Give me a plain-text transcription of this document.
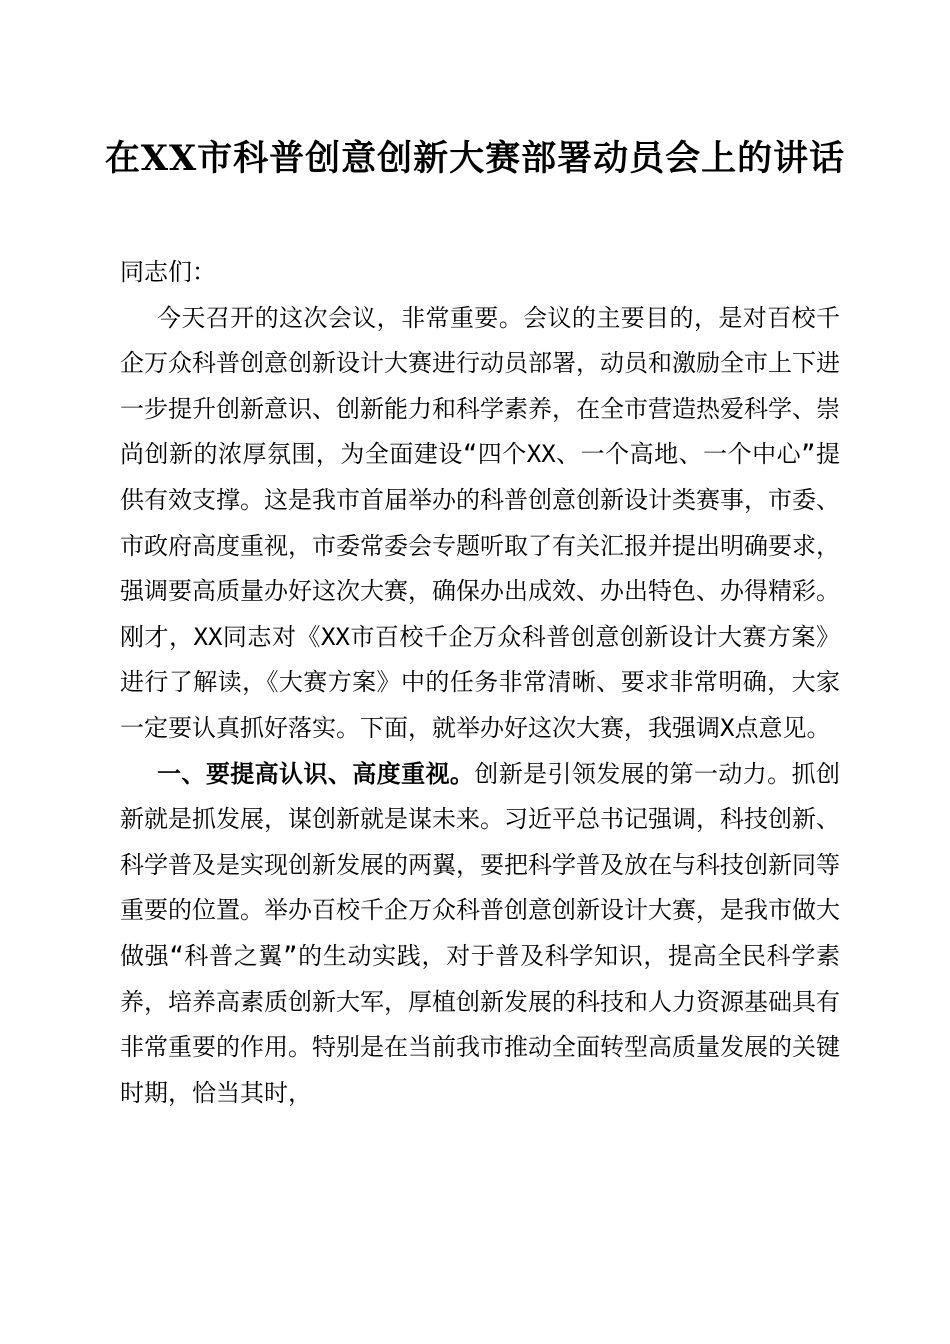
在XX市科普创意创新大赛部署动员会上的讲话

同志们：

今天召开的这次会议，非常重要。会议的主要目的，是对百校千企万众科普创意创新设计大赛进行动员部署，动员和激励全市上下进一步提升创新意识、创新能力和科学素养，在全市营造热爱科学、崇尚创新的浓厚氛围，为全面建设“四个XX、一个高地、一个中心”提供有效支撑。这是我市首届举办的科普创意创新设计类赛事，市委、市政府高度重视，市委常委会专题听取了有关汇报并提出明确要求，强调要高质量办好这次大赛，确保办出成效、办出特色、办得精彩。刚才，XX同志对《XX市百校千企万众科普创意创新设计大赛方案》进行了解读，《大赛方案》中的任务非常清晰、要求非常明确，大家一定要认真抓好落实。下面，就举办好这次大赛，我强调X点意见。

一、要提高认识、高度重视。创新是引领发展的第一动力。抓创新就是抓发展，谋创新就是谋未来。习近平总书记强调，科技创新、科学普及是实现创新发展的两翼，要把科学普及放在与科技创新同等重要的位置。举办百校千企万众科普创意创新设计大赛，是我市做大做强“科普之翼”的生动实践，对于普及科学知识，提高全民科学素养，培养高素质创新大军，厚植创新发展的科技和人力资源基础具有非常重要的作用。特别是在当前我市推动全面转型高质量发展的关键时期，恰当其时，
